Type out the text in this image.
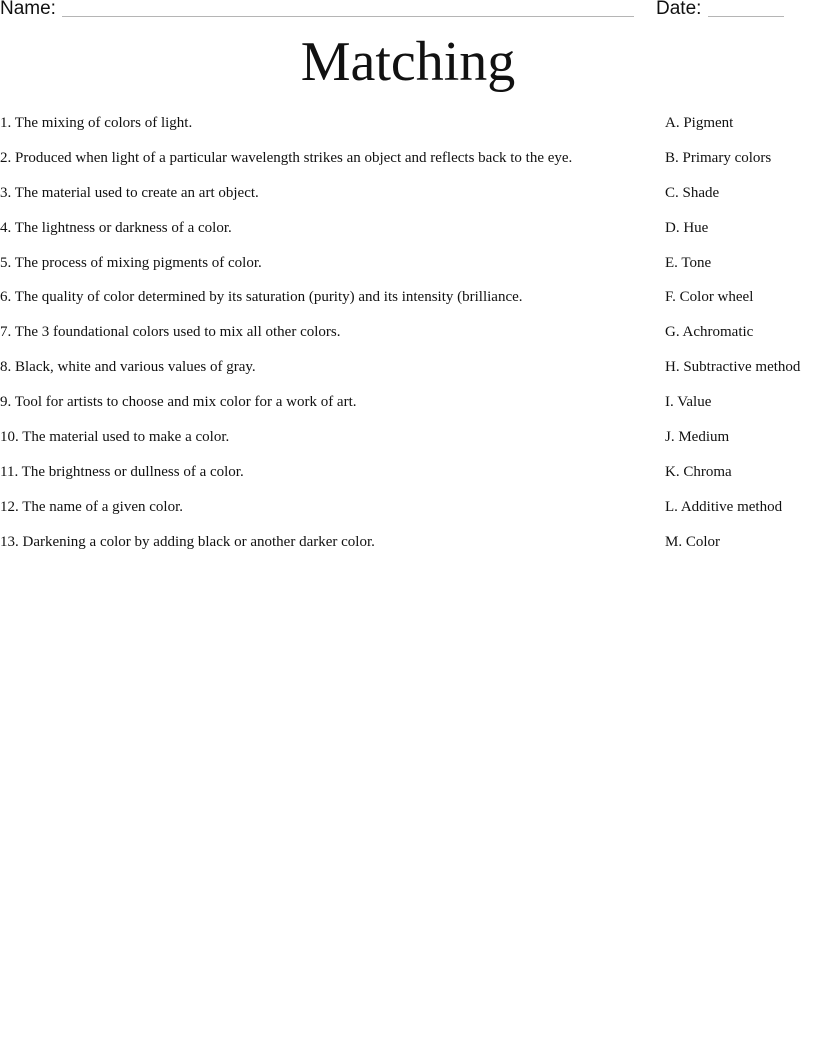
Name:	Date:
Matching
1. The mixing of colors of light.	A. Pigment
2. Produced when light of a particular wavelength strikes an object and reflects back to the eye.	B. Primary colors
3. The material used to create an art object.	C. Shade
4. The lightness or darkness of a color.	D. Hue
5. The process of mixing pigments of color.	E. Tone
6. The quality of color determined by its saturation (purity) and its intensity (brilliance.	F. Color wheel
7. The 3 foundational colors used to mix all other colors.	G. Achromatic
8. Black, white and various values of gray.	H. Subtractive method
9. Tool for artists to choose and mix color for a work of art.	I. Value
10. The material used to make a color.	J. Medium
11. The brightness or dullness of a color.	K. Chroma
12. The name of a given color.	L. Additive method
13. Darkening a color by adding black or another darker color.	M. Color
